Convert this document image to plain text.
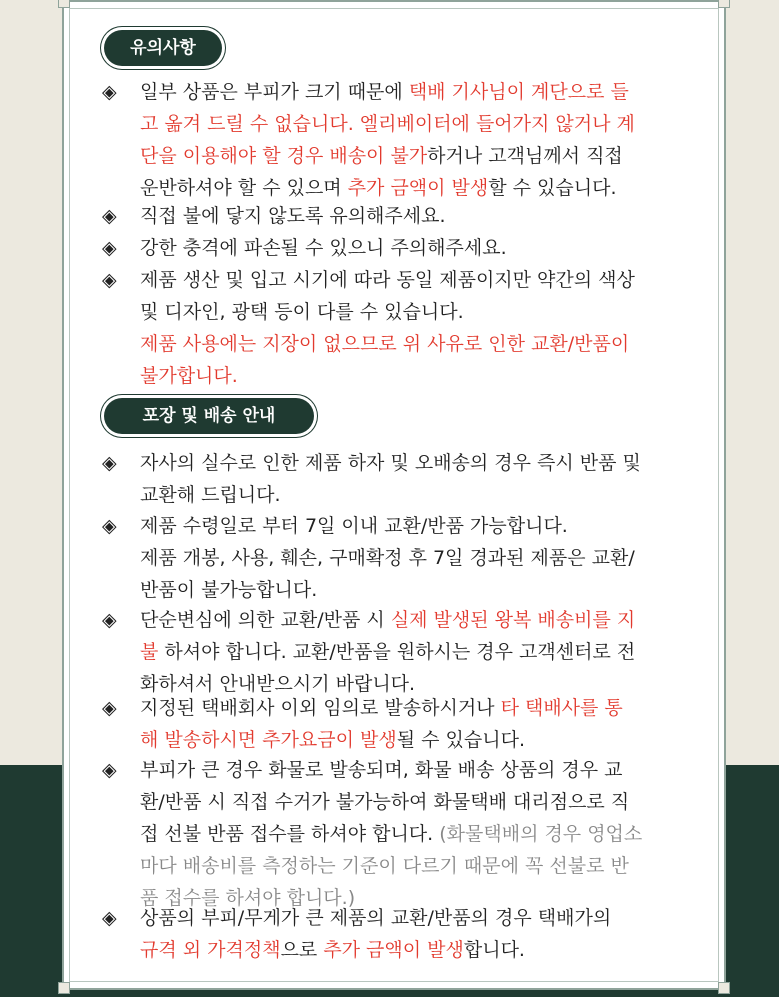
유의사항
◈ 일부 상품은 부피가 크기 때문에 택배 기사님이 계단으로 들
고 옮겨 드릴 수 없습니다. 엘리베이터에 들어가지 않거나 계
단을 이용해야 할 경우 배송이 불가하거나 고객님께서 직접
운반하셔야 할 수 있으며 추가 금액이 발생할 수 있습니다.
◈ 직접 불에 닿지 않도록 유의해주세요.
◈ 강한 충격에 파손될 수 있으니 주의해주세요.
◈ 제품 생산 및 입고 시기에 따라 동일 제품이지만 약간의 색상
및 디자인, 광택 등이 다를 수 있습니다.
제품 사용에는 지장이 없으므로 위 사유로 인한 교환/반품이
불가합니다.
포장 및 배송 안내
◈ 자사의 실수로 인한 제품 하자 및 오배송의 경우 즉시 반품 및
교환해 드립니다.
◈ 제품 수령일로 부터 7일 이내 교환/반품 가능합니다.
제품 개봉, 사용, 훼손, 구매확정 후 7일 경과된 제품은 교환/
반품이 불가능합니다.
◈ 단순변심에 의한 교환/반품 시 실제 발생된 왕복 배송비를 지
불 하셔야 합니다. 교환/반품을 원하시는 경우 고객센터로 전
화하셔서 안내받으시기 바랍니다.
◈ 지정된 택배회사 이외 임의로 발송하시거나 타 택배사를 통
해 발송하시면 추가요금이 발생될 수 있습니다.
◈ 부피가 큰 경우 화물로 발송되며, 화물 배송 상품의 경우 교
환/반품 시 직접 수거가 불가능하여 화물택배 대리점으로 직
접 선불 반품 접수를 하셔야 합니다. (화물택배의 경우 영업소
마다 배송비를 측정하는 기준이 다르기 때문에 꼭 선불로 반
품 접수를 하셔야 합니다.)
◈ 상품의 부피/무게가 큰 제품의 교환/반품의 경우 택배가의
규격 외 가격정책으로 추가 금액이 발생합니다.
